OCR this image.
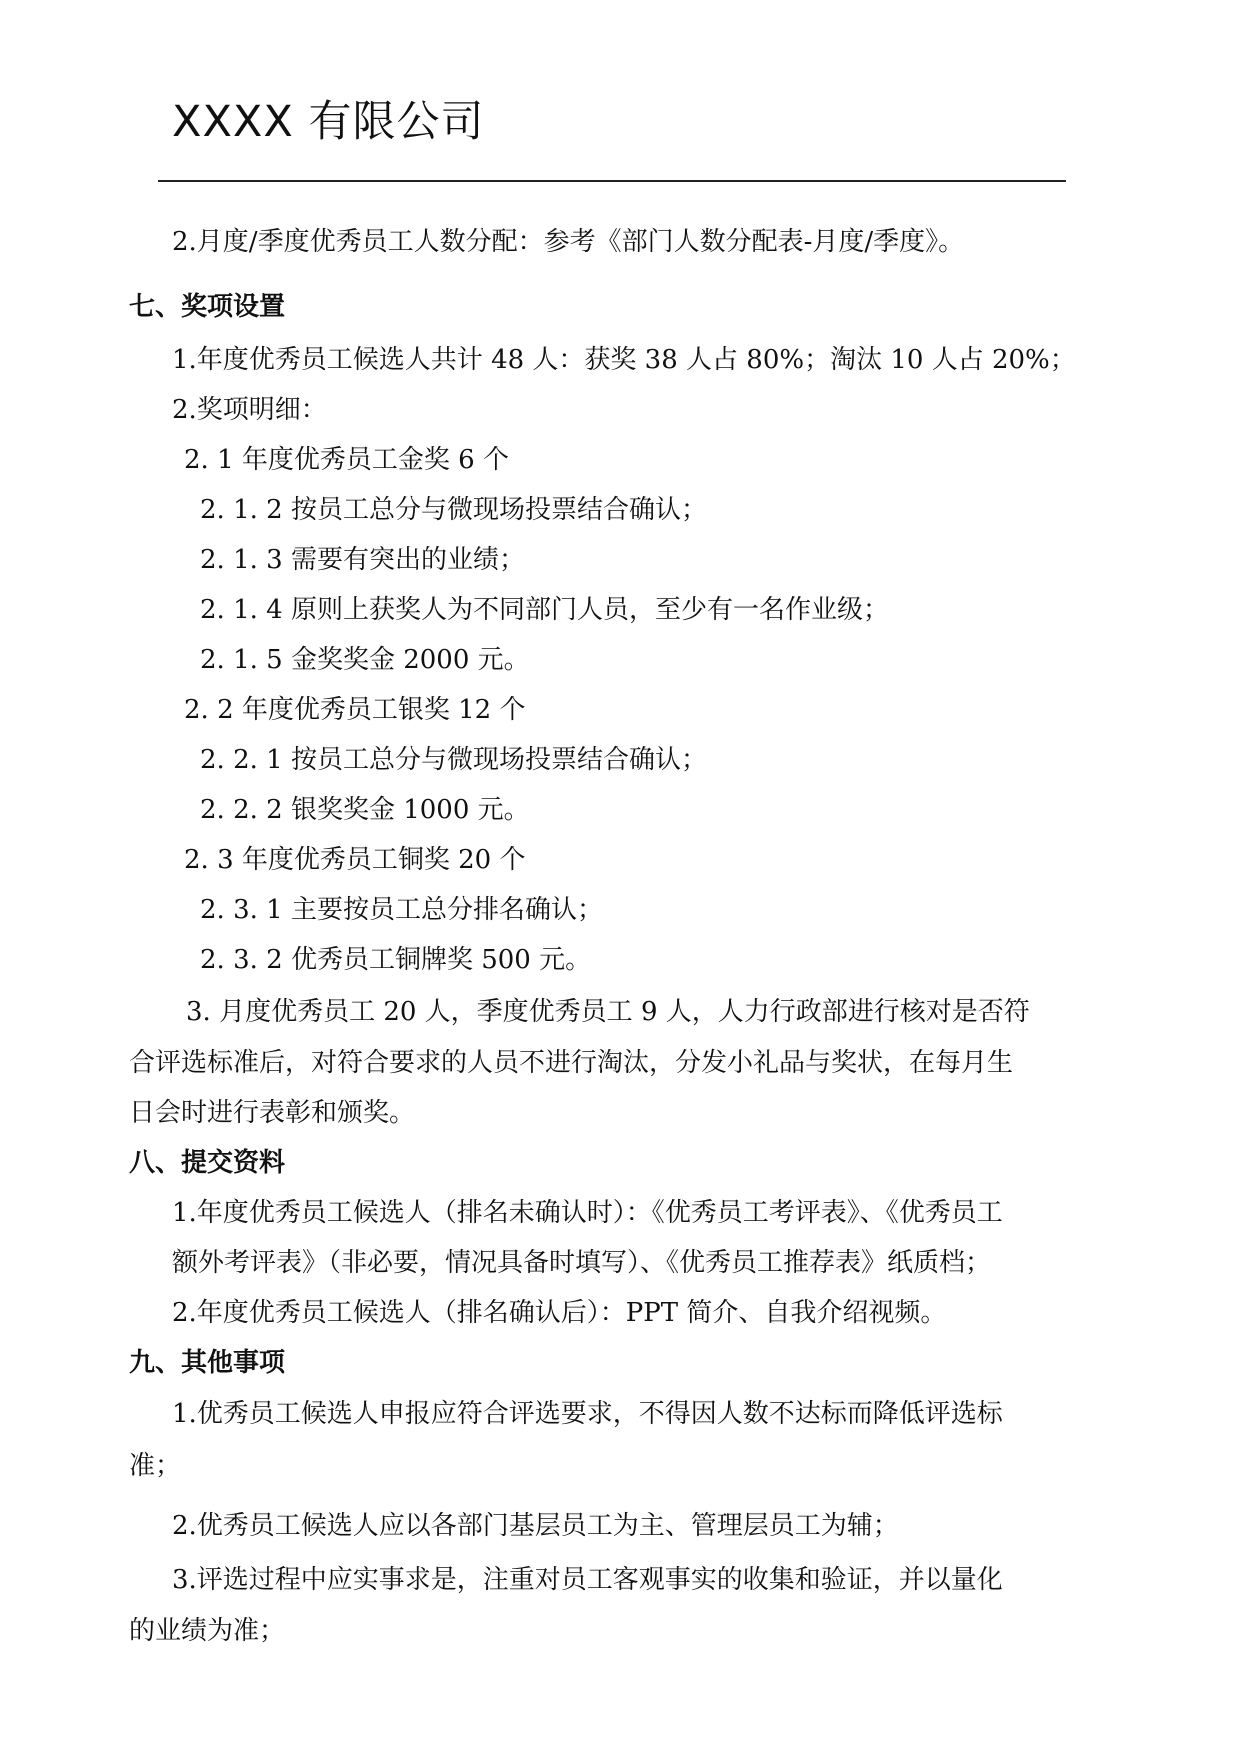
XXXX 有限公司
2.月度/季度优秀员工人数分配：参考《部门人数分配表-月度/季度》。
七、奖项设置
1.年度优秀员工候选人共计 48 人：获奖 38 人占 80%；淘汰 10 人占 20%；
2.奖项明细：
2. 1 年度优秀员工金奖 6 个
2. 1. 2 按员工总分与微现场投票结合确认；
2. 1. 3 需要有突出的业绩；
2. 1. 4 原则上获奖人为不同部门人员，至少有一名作业级；
2. 1. 5 金奖奖金 2000 元。
2. 2 年度优秀员工银奖 12 个
2. 2. 1 按员工总分与微现场投票结合确认；
2. 2. 2 银奖奖金 1000 元。
2. 3 年度优秀员工铜奖 20 个
2. 3. 1 主要按员工总分排名确认；
2. 3. 2 优秀员工铜牌奖 500 元。
3. 月度优秀员工 20 人，季度优秀员工 9 人，人力行政部进行核对是否符
合评选标准后，对符合要求的人员不进行淘汰，分发小礼品与奖状，在每月生
日会时进行表彰和颁奖。
八、提交资料
1.年度优秀员工候选人（排名未确认时）：《优秀员工考评表》、《优秀员工
额外考评表》（非必要，情况具备时填写）、《优秀员工推荐表》纸质档；
2.年度优秀员工候选人（排名确认后）：PPT 简介、自我介绍视频。
九、其他事项
1.优秀员工候选人申报应符合评选要求，不得因人数不达标而降低评选标
准；
2.优秀员工候选人应以各部门基层员工为主、管理层员工为辅；
3.评选过程中应实事求是，注重对员工客观事实的收集和验证，并以量化
的业绩为准；
